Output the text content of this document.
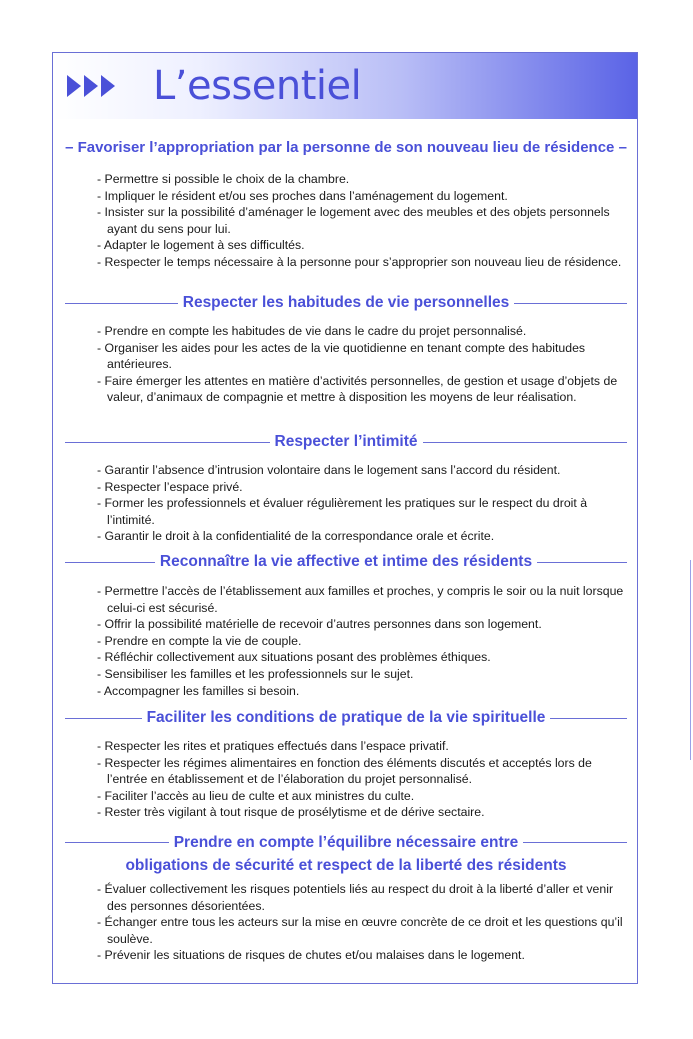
L’essentiel
– Favoriser l’appropriation par la personne de son nouveau lieu de résidence –
- Permettre si possible le choix de la chambre.
- Impliquer le résident et/ou ses proches dans l’aménagement du logement.
- Insister sur la possibilité d’aménager le logement avec des meubles et des objets personnels ayant du sens pour lui.
- Adapter le logement à ses difficultés.
- Respecter le temps nécessaire à la personne pour s’approprier son nouveau lieu de résidence.
Respecter les habitudes de vie personnelles
- Prendre en compte les habitudes de vie dans le cadre du projet personnalisé.
- Organiser les aides pour les actes de la vie quotidienne en tenant compte des habitudes antérieures.
- Faire émerger les attentes en matière d’activités personnelles, de gestion et usage d’objets de valeur, d’animaux de compagnie et mettre à disposition les moyens de leur réalisation.
Respecter l’intimité
- Garantir l’absence d’intrusion volontaire dans le logement sans l’accord du résident.
- Respecter l’espace privé.
- Former les professionnels et évaluer régulièrement les pratiques sur le respect du droit à l’intimité.
- Garantir le droit à la confidentialité de la correspondance orale et écrite.
Reconnaître la vie affective et intime des résidents
- Permettre l’accès de l’établissement aux familles et proches, y compris le soir ou la nuit lorsque celui-ci est sécurisé.
- Offrir la possibilité matérielle de recevoir d’autres personnes dans son logement.
- Prendre en compte la vie de couple.
- Réfléchir collectivement aux situations posant des problèmes éthiques.
- Sensibiliser les familles et les professionnels sur le sujet.
- Accompagner les familles si besoin.
Faciliter les conditions de pratique de la vie spirituelle
- Respecter les rites et pratiques effectués dans l’espace privatif.
- Respecter les régimes alimentaires en fonction des éléments discutés et acceptés lors de l’entrée en établissement et de l’élaboration du projet personnalisé.
- Faciliter l’accès au lieu de culte et aux ministres du culte.
- Rester très vigilant à tout risque de prosélytisme et de dérive sectaire.
Prendre en compte l’équilibre nécessaire entre
obligations de sécurité et respect de la liberté des résidents
- Évaluer collectivement les risques potentiels liés au respect du droit à la liberté d’aller et venir des personnes désorientées.
- Échanger entre tous les acteurs sur la mise en œuvre concrète de ce droit et les questions qu’il soulève.
- Prévenir les situations de risques de chutes et/ou malaises dans le logement.
